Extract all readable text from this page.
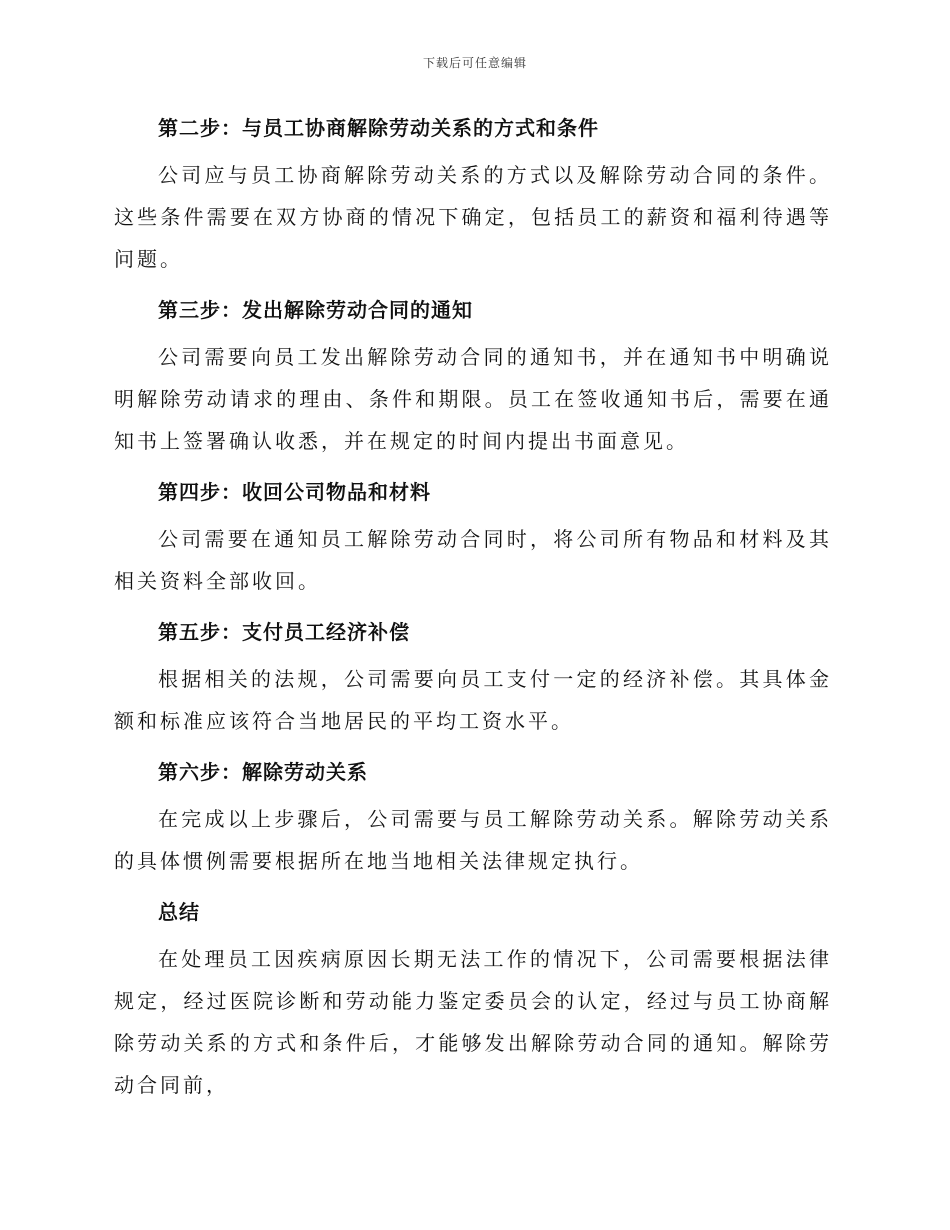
下载后可任意编辑

第二步：与员工协商解除劳动关系的方式和条件

公司应与员工协商解除劳动关系的方式以及解除劳动合同的条件。这些条件需要在双方协商的情况下确定，包括员工的薪资和福利待遇等问题。

第三步：发出解除劳动合同的通知

公司需要向员工发出解除劳动合同的通知书，并在通知书中明确说明解除劳动请求的理由、条件和期限。员工在签收通知书后，需要在通知书上签署确认收悉，并在规定的时间内提出书面意见。

第四步：收回公司物品和材料

公司需要在通知员工解除劳动合同时，将公司所有物品和材料及其相关资料全部收回。

第五步：支付员工经济补偿

根据相关的法规，公司需要向员工支付一定的经济补偿。其具体金额和标准应该符合当地居民的平均工资水平。

第六步：解除劳动关系

在完成以上步骤后，公司需要与员工解除劳动关系。解除劳动关系的具体惯例需要根据所在地当地相关法律规定执行。

总结

在处理员工因疾病原因长期无法工作的情况下，公司需要根据法律规定，经过医院诊断和劳动能力鉴定委员会的认定，经过与员工协商解除劳动关系的方式和条件后，才能够发出解除劳动合同的通知。解除劳动合同前，
